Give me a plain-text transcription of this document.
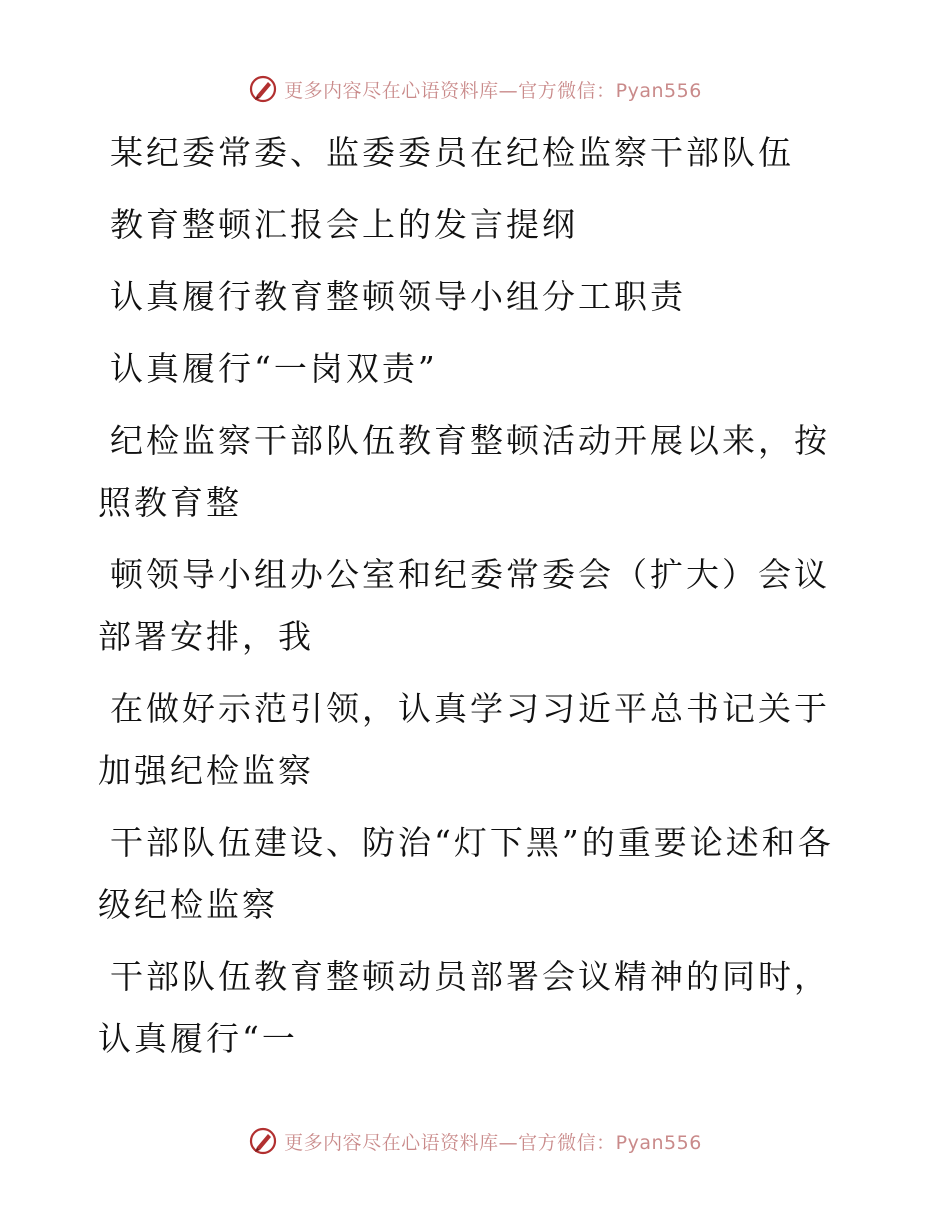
更多内容尽在心语资料库—官方微信：Pyan556

某纪委常委、监委委员在纪检监察干部队伍

教育整顿汇报会上的发言提纲

认真履行教育整顿领导小组分工职责

认真履行“一岗双责”

纪检监察干部队伍教育整顿活动开展以来，按照教育整

顿领导小组办公室和纪委常委会（扩大）会议部署安排，我

在做好示范引领，认真学习习近平总书记关于加强纪检监察

干部队伍建设、防治“灯下黑”的重要论述和各级纪检监察

干部队伍教育整顿动员部署会议精神的同时，认真履行“一

更多内容尽在心语资料库—官方微信：Pyan556
